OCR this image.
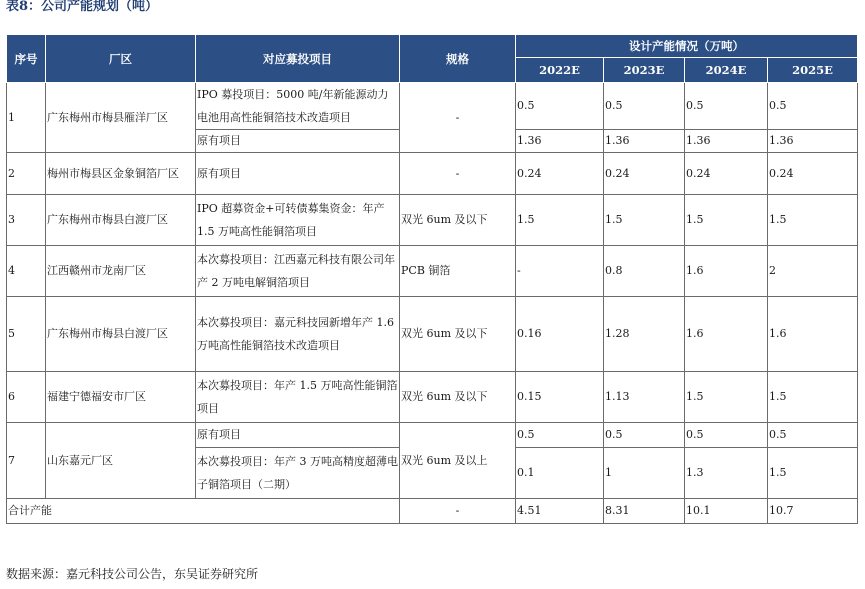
表8：公司产能规划（吨）
序号	厂区	对应募投项目	规格	设计产能情况（万吨）			
				2022E	2023E	2024E	2025E
1	广东梅州市梅县雁洋厂区	IPO 募投项目：5000 吨/年新能源动力电池用高性能铜箔技术改造项目	-	0.5	0.5	0.5	0.5
		原有项目		1.36	1.36	1.36	1.36
2	梅州市梅县区金象铜箔厂区	原有项目	-	0.24	0.24	0.24	0.24
3	广东梅州市梅县白渡厂区	IPO 超募资金+可转债募集资金：年产 1.5 万吨高性能铜箔项目	双光 6um 及以下	1.5	1.5	1.5	1.5
4	江西赣州市龙南厂区	本次募投项目：江西嘉元科技有限公司年产 2 万吨电解铜箔项目	PCB 铜箔	-	0.8	1.6	2
5	广东梅州市梅县白渡厂区	本次募投项目：嘉元科技园新增年产 1.6 万吨高性能铜箔技术改造项目	双光 6um 及以下	0.16	1.28	1.6	1.6
6	福建宁德福安市厂区	本次募投项目：年产 1.5 万吨高性能铜箔项目	双光 6um 及以下	0.15	1.13	1.5	1.5
7	山东嘉元厂区	原有项目	双光 6um 及以上	0.5	0.5	0.5	0.5
		本次募投项目：年产 3 万吨高精度超薄电子铜箔项目（二期）		0.1	1	1.3	1.5
合计产能			-	4.51	8.31	10.1	10.7
数据来源：嘉元科技公司公告，东吴证券研究所
